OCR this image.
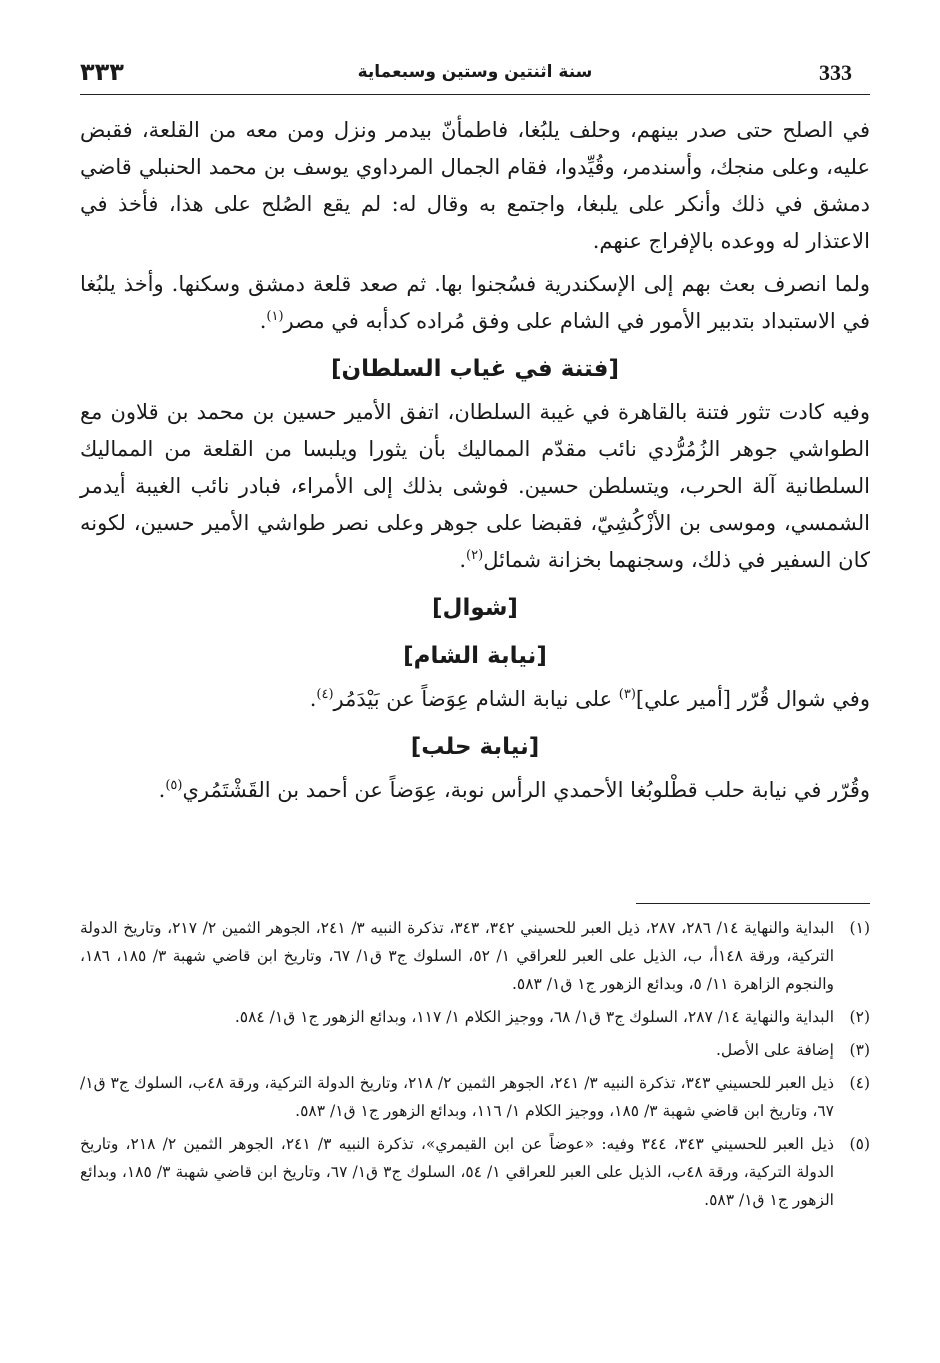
333
سنة اثنتين وستين وسبعماية
٣٣٣

في الصلح حتى صدر بينهم، وحلف يلبُغا، فاطمأنّ بيدمر ونزل ومن معه من القلعة، فقبض عليه، وعلى منجك، وأسندمر، وقُيِّدوا، فقام الجمال المرداوي يوسف بن محمد الحنبلي قاضي دمشق في ذلك وأنكر على يلبغا، واجتمع به وقال له: لم يقع الصُلح على هذا، فأخذ في الاعتذار له ووعده بالإفراج عنهم.

ولما انصرف بعث بهم إلى الإسكندرية فسُجنوا بها. ثم صعد قلعة دمشق وسكنها. وأخذ يلبُغا في الاستبداد بتدبير الأمور في الشام على وفق مُراده كدأبه في مصر$^{(١)}$.

[فتنة في غياب السلطان]

وفيه كادت تثور فتنة بالقاهرة في غيبة السلطان، اتفق الأمير حسين بن محمد بن قلاون مع الطواشي جوهر الزُمُرُّدي نائب مقدّم المماليك بأن يثورا ويلبسا من القلعة من المماليك السلطانية آلة الحرب، ويتسلطن حسين. فوشى بذلك إلى الأمراء، فبادر نائب الغيبة أيدمر الشمسي، وموسى بن الأزْكُشِيّ، فقبضا على جوهر وعلى نصر طواشي الأمير حسين، لكونه كان السفير في ذلك، وسجنهما بخزانة شمائل$^{(٢)}$.

[شوال]
[نيابة الشام]

وفي شوال قُرّر [أمير علي]$^{(٣)}$ على نيابة الشام عِوَضاً عن بَيْدَمُر$^{(٤)}$.

[نيابة حلب]

وقُرّر في نيابة حلب قطْلوبُغا الأحمدي الرأس نوبة، عِوَضاً عن أحمد بن القَشْتَمُري$^{(٥)}$.

(١)
البداية والنهاية ١٤/ ٢٨٦، ٢٨٧، ذيل العبر للحسيني ٣٤٢، ٣٤٣، تذكرة النبيه ٣/ ٢٤١، الجوهر الثمين ٢/ ٢١٧، وتاريخ الدولة التركية، ورقة ١٤٨أ، ب، الذيل على العبر للعراقي ١/ ٥٢، السلوك ج٣ ق١/ ٦٧، وتاريخ ابن قاضي شهبة ٣/ ١٨٥، ١٨٦، والنجوم الزاهرة ١١/ ٥، وبدائع الزهور ج١ ق١/ ٥٨٣.
(٢)
البداية والنهاية ١٤/ ٢٨٧، السلوك ج٣ ق١/ ٦٨، ووجيز الكلام ١/ ١١٧، وبدائع الزهور ج١ ق١/ ٥٨٤.
(٣)
إضافة على الأصل.
(٤)
ذيل العبر للحسيني ٣٤٣، تذكرة النبيه ٣/ ٢٤١، الجوهر الثمين ٢/ ٢١٨، وتاريخ الدولة التركية، ورقة ٤٨ب، السلوك ج٣ ق١/ ٦٧، وتاريخ ابن قاضي شهبة ٣/ ١٨٥، ووجيز الكلام ١/ ١١٦، وبدائع الزهور ج١ ق١/ ٥٨٣.
(٥)
ذيل العبر للحسيني ٣٤٣، ٣٤٤ وفيه: «عوضاً عن ابن القيمري»، تذكرة النبيه ٣/ ٢٤١، الجوهر الثمين ٢/ ٢١٨، وتاريخ الدولة التركية، ورقة ٤٨ب، الذيل على العبر للعراقي ١/ ٥٤، السلوك ج٣ ق١/ ٦٧، وتاريخ ابن قاضي شهبة ٣/ ١٨٥، وبدائع الزهور ج١ ق١/ ٥٨٣.
